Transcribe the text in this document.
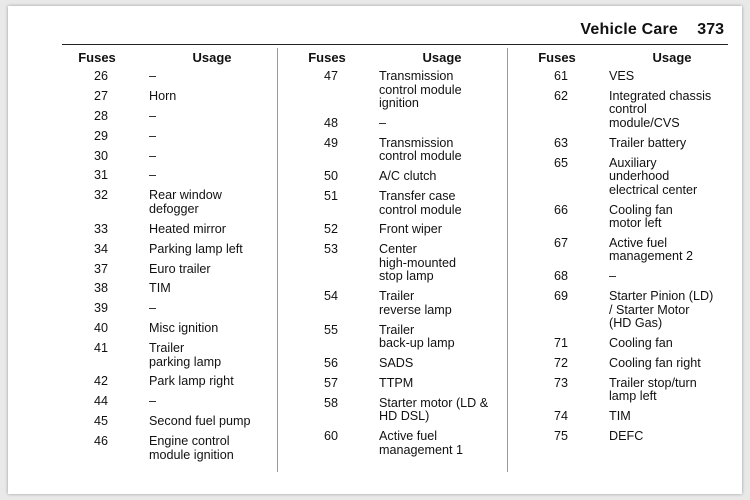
Vehicle Care 373
Fuses	Usage
26	–
27	Horn
28	–
29	–
30	–
31	–
32	Rear window
defogger
33	Heated mirror
34	Parking lamp left
37	Euro trailer
38	TIM
39	–
40	Misc ignition
41	Trailer
parking lamp
42	Park lamp right
44	–
45	Second fuel pump
46	Engine control
module ignition
Fuses	Usage
47	Transmission
control module
ignition
48	–
49	Transmission
control module
50	A/C clutch
51	Transfer case
control module
52	Front wiper
53	Center
high-mounted
stop lamp
54	Trailer
reverse lamp
55	Trailer
back-up lamp
56	SADS
57	TTPM
58	Starter motor (LD &
HD DSL)
60	Active fuel
management 1
Fuses	Usage
61	VES
62	Integrated chassis
control
module/CVS
63	Trailer battery
65	Auxiliary
underhood
electrical center
66	Cooling fan
motor left
67	Active fuel
management 2
68	–
69	Starter Pinion (LD)
/ Starter Motor
(HD Gas)
71	Cooling fan
72	Cooling fan right
73	Trailer stop/turn
lamp left
74	TIM
75	DEFC
